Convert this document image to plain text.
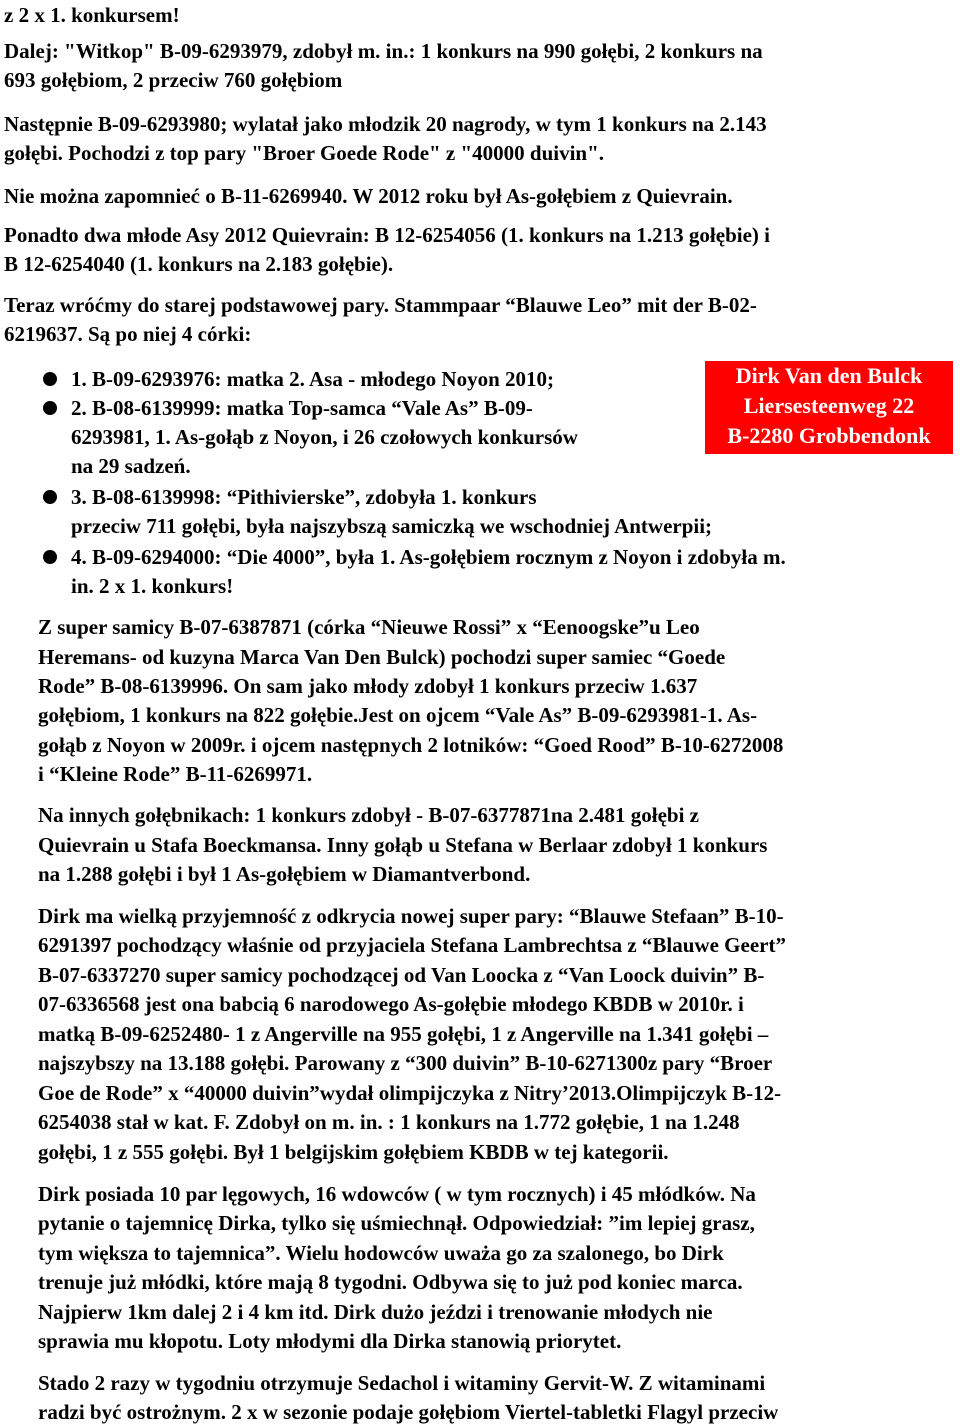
z 2 x 1. konkursem!
Dalej: "Witkop" B-09-6293979, zdobył m. in.: 1 konkurs na 990 gołębi, 2 konkurs na
693 gołębiom, 2 przeciw 760 gołębiom
Następnie B-09-6293980; wylatał jako młodzik 20 nagrody, w tym 1 konkurs na 2.143
gołębi. Pochodzi z top pary "Broer Goede Rode" z "40000 duivin".
Nie można zapomnieć o B-11-6269940. W 2012 roku był As-gołębiem z Quievrain.
Ponadto dwa młode Asy 2012 Quievrain: B 12-6254056 (1. konkurs na 1.213 gołębie) i
B 12-6254040 (1. konkurs na 2.183 gołębie).
Teraz wróćmy do starej podstawowej pary. Stammpaar “Blauwe Leo” mit der B-02-
6219637. Są po niej 4 córki:
1. B-09-6293976: matka 2. Asa - młodego Noyon 2010;
2. B-08-6139999: matka Top-samca “Vale As” B-09-
6293981, 1. As-gołąb z Noyon, i 26 czołowych konkursów
na 29 sadzeń.
3. B-08-6139998: “Pithivierske”, zdobyła 1. konkurs
przeciw 711 gołębi, była najszybszą samiczką we wschodniej Antwerpii;
4. B-09-6294000: “Die 4000”, była 1. As-gołębiem rocznym z Noyon i zdobyła m.
in. 2 x 1. konkurs!
Z super samicy B-07-6387871 (córka “Nieuwe Rossi” x “Eenoogske”u Leo
Heremans- od kuzyna Marca Van Den Bulck) pochodzi super samiec “Goede
Rode” B-08-6139996. On sam jako młody zdobył 1 konkurs przeciw 1.637
gołębiom, 1 konkurs na 822 gołębie.Jest on ojcem “Vale As” B-09-6293981-1. As-
gołąb z Noyon w 2009r. i ojcem następnych 2 lotników: “Goed Rood” B-10-6272008
i “Kleine Rode” B-11-6269971.
Na innych gołębnikach: 1 konkurs zdobył - B-07-6377871na 2.481 gołębi z
Quievrain u Stafa Boeckmansa. Inny gołąb u Stefana w Berlaar zdobył 1 konkurs
na 1.288 gołębi i był 1 As-gołębiem w Diamantverbond.
Dirk ma wielką przyjemność z odkrycia nowej super pary: “Blauwe Stefaan” B-10-
6291397 pochodzący właśnie od przyjaciela Stefana Lambrechtsa z “Blauwe Geert”
B-07-6337270 super samicy pochodzącej od Van Loocka z “Van Loock duivin” B-
07-6336568 jest ona babcią 6 narodowego As-gołębie młodego KBDB w 2010r. i
matką B-09-6252480- 1 z Angerville na 955 gołębi, 1 z Angerville na 1.341 gołębi –
najszybszy na 13.188 gołębi. Parowany z “300 duivin” B-10-6271300z pary “Broer
Goe de Rode” x “40000 duivin”wydał olimpijczyka z Nitry’2013.Olimpijczyk B-12-
6254038 stał w kat. F. Zdobył on m. in. : 1 konkurs na 1.772 gołębie, 1 na 1.248
gołębi, 1 z 555 gołębi. Był 1 belgijskim gołębiem KBDB w tej kategorii.
Dirk posiada 10 par lęgowych, 16 wdowców ( w tym rocznych) i 45 młódków. Na
pytanie o tajemnicę Dirka, tylko się uśmiechnął. Odpowiedział: ”im lepiej grasz,
tym większa to tajemnica”. Wielu hodowców uważa go za szalonego, bo Dirk
trenuje już młódki, które mają 8 tygodni. Odbywa się to już pod koniec marca.
Najpierw 1km dalej 2 i 4 km itd. Dirk dużo jeździ i trenowanie młodych nie
sprawia mu kłopotu. Loty młodymi dla Dirka stanowią priorytet.
Stado 2 razy w tygodniu otrzymuje Sedachol i witaminy Gervit-W. Z witaminami
radzi być ostrożnym. 2 x w sezonie podaje gołębiom Viertel-tabletki Flagyl przeciw
Dirk Van den Bulck
Liersesteenweg 22
B-2280 Grobbendonk
